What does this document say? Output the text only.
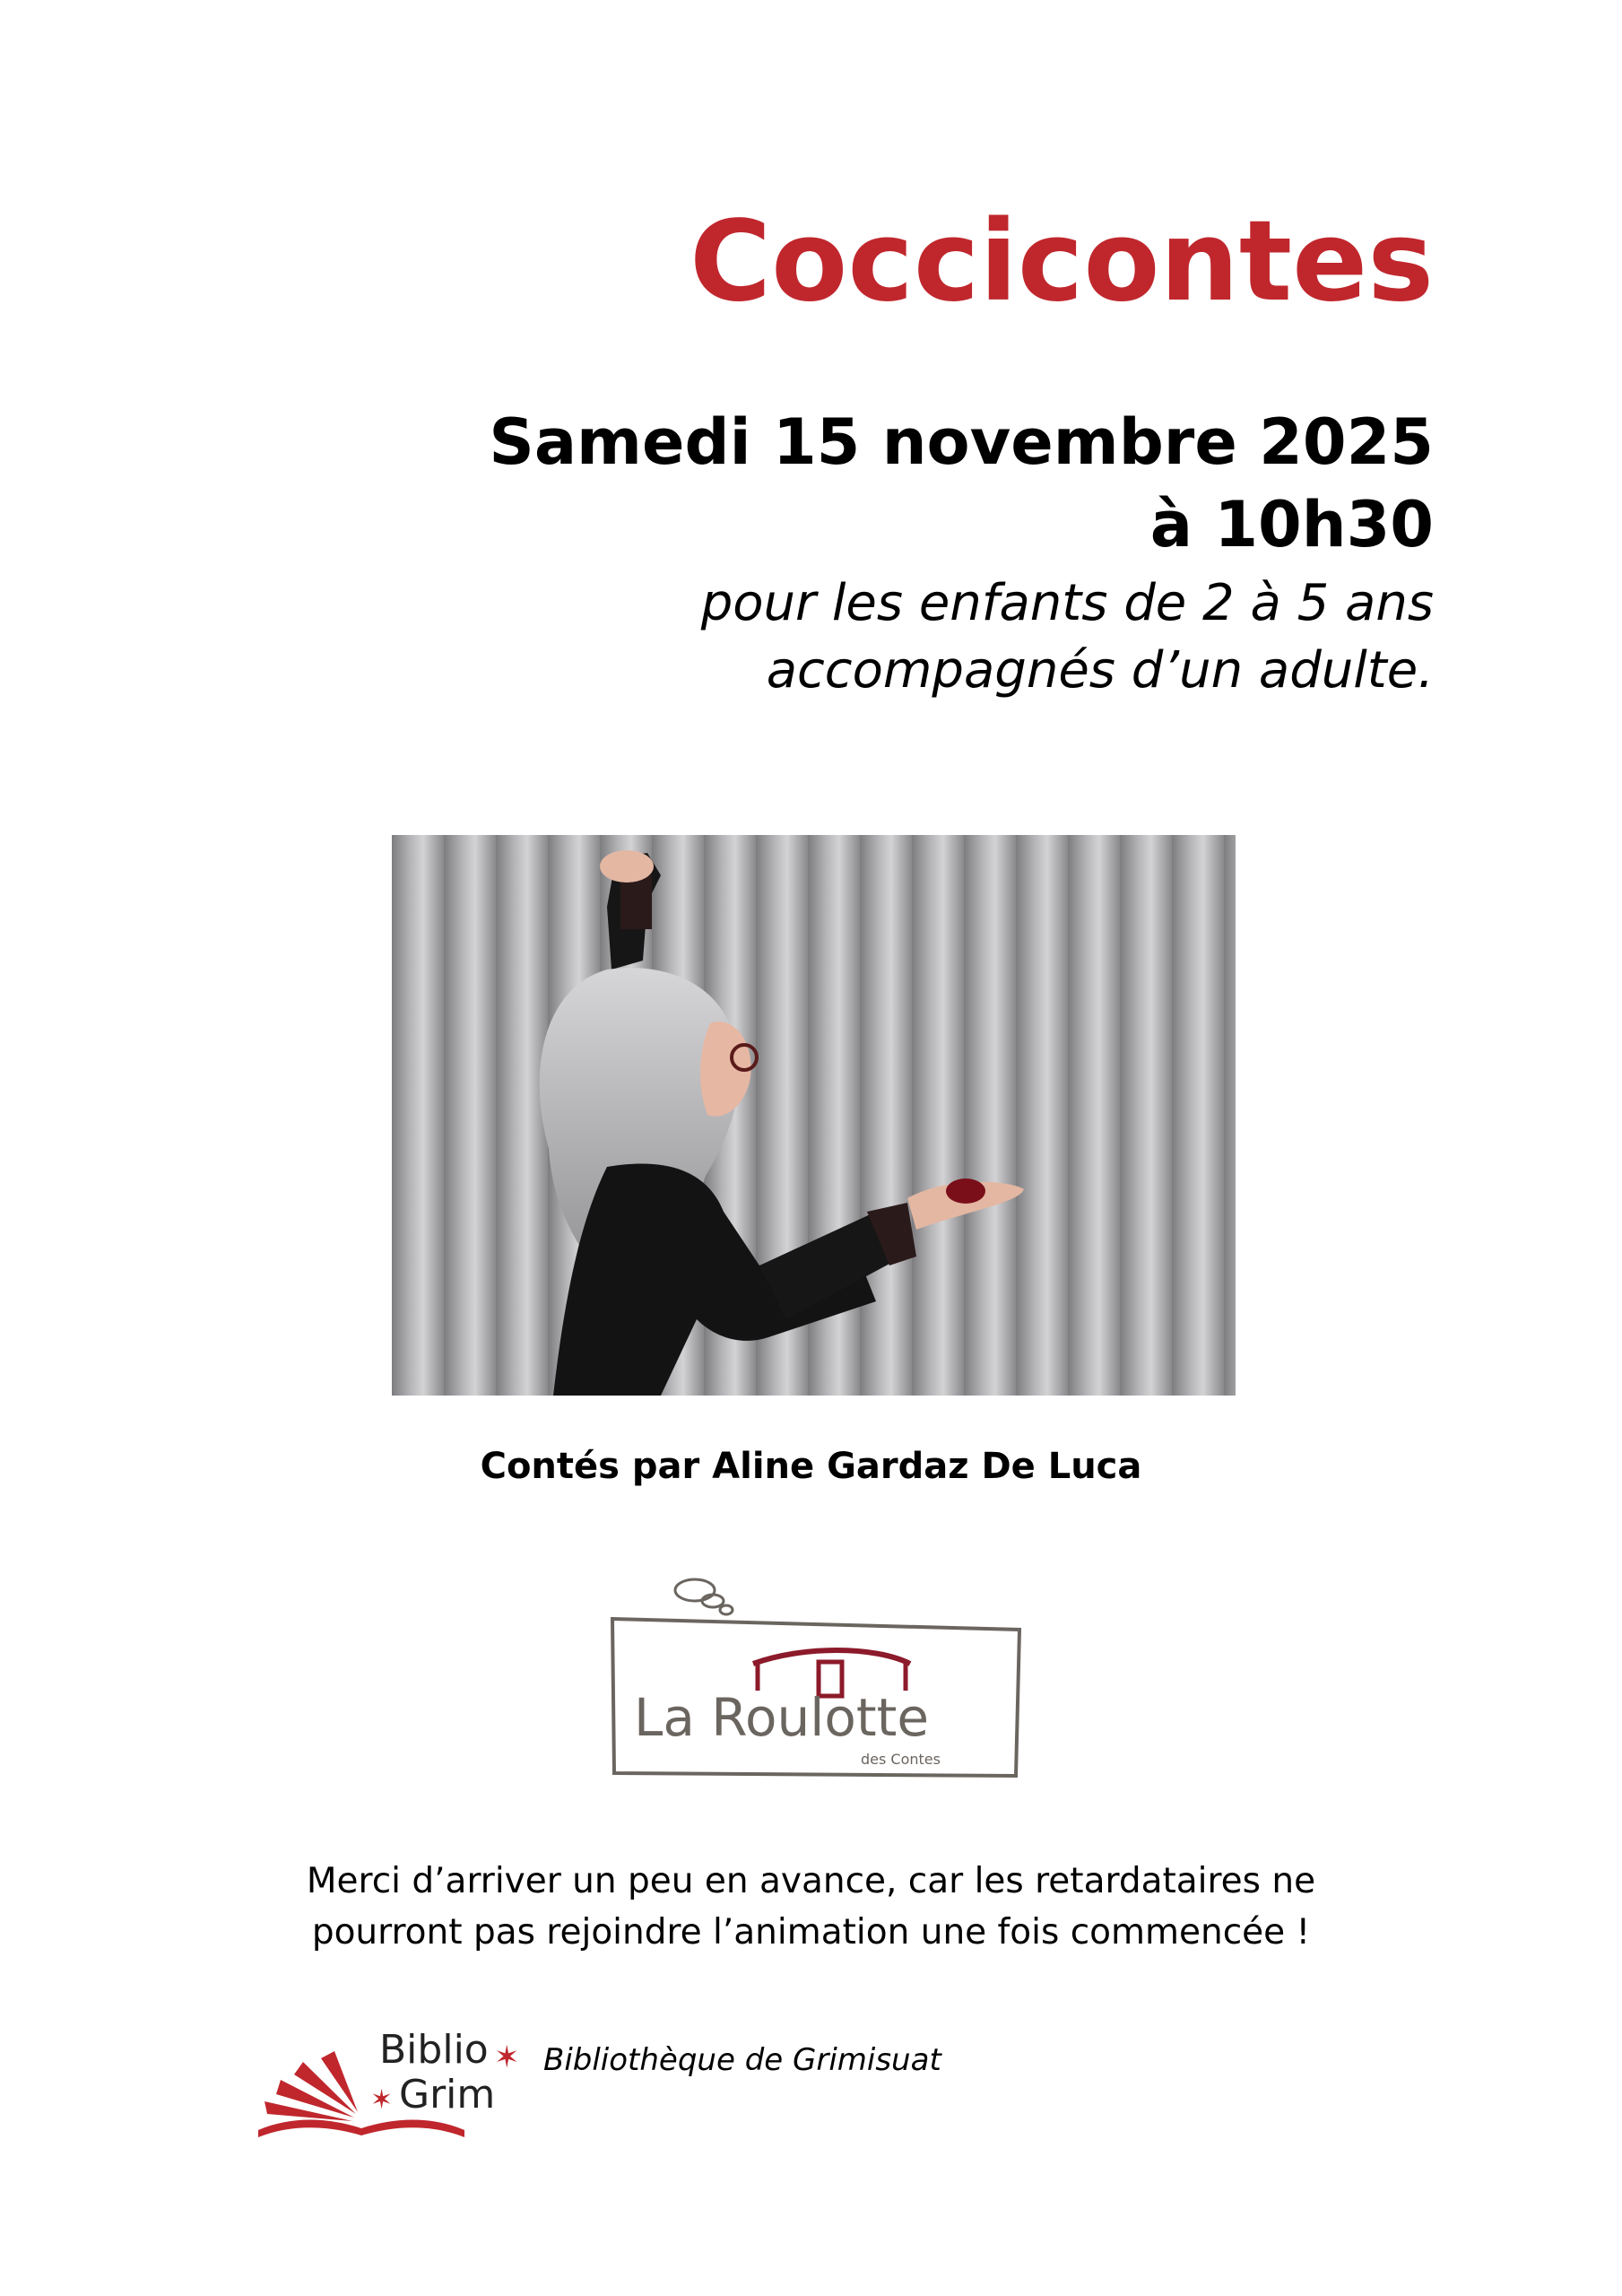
Coccicontes
Samedi 15 novembre 2025
à 10h30
pour les enfants de 2 à 5 ans
accompagnés d’un adulte.
Contés par Aline Gardaz De Luca
La Roulotte
des Contes
Merci d’arriver un peu en avance, car les retardataires ne
pourront pas rejoindre l’animation une fois commencée !
✶
✶
Biblio
Grim
Bibliothèque de Grimisuat
